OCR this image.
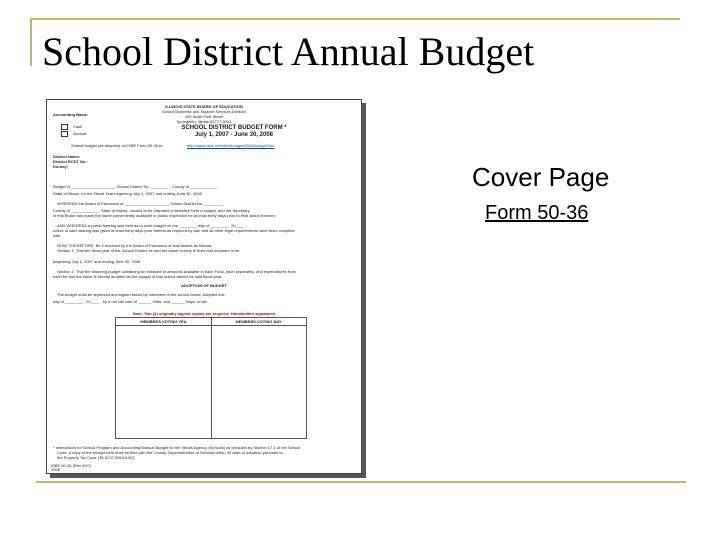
School District Annual Budget
ILLINOIS STATE BOARD OF EDUCATION
School Business and Support Services Division
100 North First Street
Springfield, Illinois 62777-0001
Accounting Basis:
Cash
Accrual
SCHOOL DISTRICT BUDGET FORM *
July 1, 2007 - June 30, 2008
Submit budget (as adopted) on ISBE Form 50-36 to:	http://www.isbe.net/sfms/budget/2008/budget.htm
District Name:
District RCDT No.:
County:
Budget of ____________________ School District No. ________ , County of ____________ ,
State of Illinois, for the Fiscal Year beginning July 1, 2007 and ending June 30, 2008
WHEREAS the Board of Education of ____________________ School District No. ________ ,
County of ____________ , State of Illinois, caused to be prepared in tentative form a budget, and the Secretary
of this Board has made the same conveniently available to public inspection for at least thirty days prior to final action thereon;
AND WHEREAS a public hearing was held as to such budget on the ________ day of ________ , 20____ ,
notice of said hearing was given at least thirty days prior thereto as required by law, and all other legal requirements have been complied
with;
NOW, THEREFORE, Be it resolved by the Board of Education of said district as follows:
Section 1. That the fiscal year of the School District be and the same hereby is fixed and declared to be
beginning July 1, 2007 and ending June 30, 2008
Section 2. That the following budget containing an estimate of amounts available in each Fund, each separately, and expenditures from
each be and the same is hereby adopted as the budget of this school district for said fiscal year.
ADOPTION OF BUDGET
The budget shall be approved and signed below by members of the school board. Adopted this
day of ________ , 20____ , by a roll call vote of ______ Yeas, and ______ Nays, to wit:
Note: Two (2) originally signed copies are required. Handwritten signatures
MEMBERS VOTING YEA	MEMBERS VOTING NAY
* Instructions for School Program and Accounting Manual Budget for the Illinois Agency (Schools) as provided by Section 17-1 of the School
Code. A copy of the budget form shall be filed with the County Superintendent of Schools within 30 days of adoption pursuant to
the Property Tax Code (35 ILCS 200/18-50).
ISBE 50-36 (Rev 4/07)
2008
Cover Page
Form 50-36
